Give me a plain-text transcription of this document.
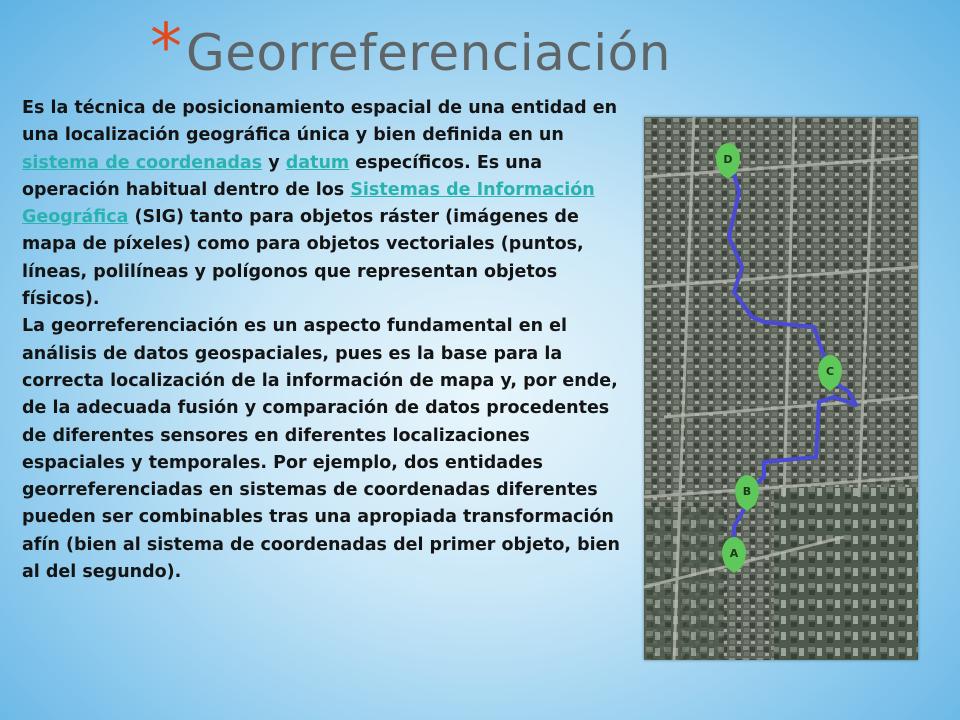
* Georreferenciación

Es la técnica de posicionamiento espacial de una entidad en una localización geográfica única y bien definida en un sistema de coordenadas y datum específicos. Es una operación habitual dentro de los Sistemas de Información Geográfica (SIG) tanto para objetos ráster (imágenes de mapa de píxeles) como para objetos vectoriales (puntos, líneas, polilíneas y polígonos que representan objetos físicos).

La georreferenciación es un aspecto fundamental en el análisis de datos geospaciales, pues es la base para la correcta localización de la información de mapa y, por ende, de la adecuada fusión y comparación de datos procedentes de diferentes sensores en diferentes localizaciones espaciales y temporales. Por ejemplo, dos entidades georreferenciadas en sistemas de coordenadas diferentes pueden ser combinables tras una apropiada transformación afín (bien al sistema de coordenadas del primer objeto, bien al del segundo).

D
C
B
A
